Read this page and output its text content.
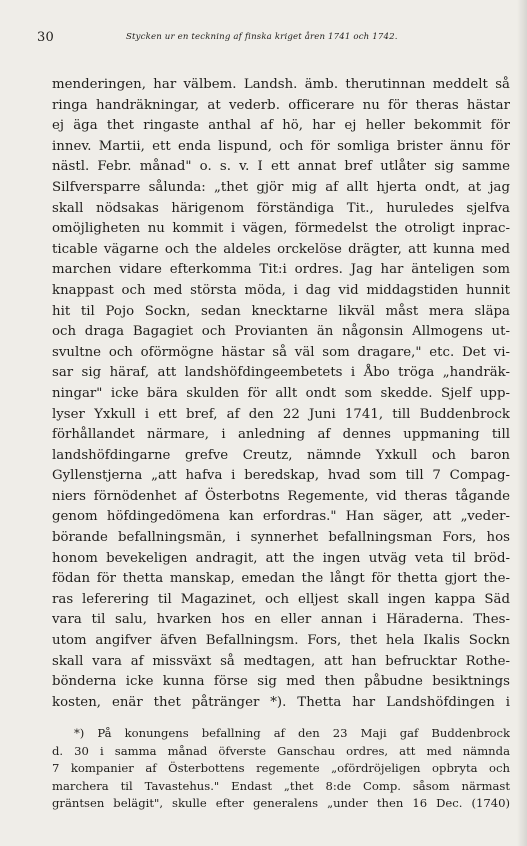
30	Stycken ur en teckning af finska kriget åren 1741 och 1742.
menderingen, har välbem. Landsh. ämb. therutinnan meddelt så
ringa handräkningar, at vederb. officerare nu för theras hästar
ej äga thet ringaste anthal af hö, har ej heller bekommit för
innev. Martii, ett enda lispund, och för somliga brister ännu för
nästl. Febr. månad" o. s. v. I ett annat bref utlåter sig samme
Silfversparre sålunda: „thet gjör mig af allt hjerta ondt, at jag
skall nödsakas härigenom förständiga Tit., huruledes sjelfva
omöjligheten nu kommit i vägen, förmedelst the otroligt inprac-
ticable vägarne och the aldeles orckelöse drägter, att kunna med
marchen vidare efterkomma Tit:i ordres. Jag har änteligen som
knappast och med största möda, i dag vid middagstiden hunnit
hit til Pojo Sockn, sedan knecktarne likväl måst mera släpa
och draga Bagagiet och Provianten än någonsin Allmogens ut-
svultne och oförmögne hästar så väl som dragare," etc. Det vi-
sar sig häraf, att landshöfdingeembetets i Åbo tröga „handräk-
ningar" icke bära skulden för allt ondt som skedde. Sjelf upp-
lyser Yxkull i ett bref, af den 22 Juni 1741, till Buddenbrock
förhållandet närmare, i anledning af dennes uppmaning till
landshöfdingarne grefve Creutz, nämnde Yxkull och baron
Gyllenstjerna „att hafva i beredskap, hvad som till 7 Compag-
niers förnödenhet af Österbotns Regemente, vid theras tågande
genom höfdingedömena kan erfordras." Han säger, att „veder-
börande befallningsmän, i synnerhet befallningsman Fors, hos
honom bevekeligen andragit, att the ingen utväg veta til bröd-
födan för thetta manskap, emedan the långt för thetta gjort the-
ras leferering til Magazinet, och elljest skall ingen kappa Säd
vara til salu, hvarken hos en eller annan i Häraderna. Thes-
utom angifver äfven Befallningsm. Fors, thet hela Ikalis Sockn
skall vara af missväxt så medtagen, att han befrucktar Rothe-
bönderna icke kunna förse sig med then påbudne besiktnings
kosten, enär thet påtränger *). Thetta har Landshöfdingen i
*) På konungens befallning af den 23 Maji gaf Buddenbrock
d. 30 i samma månad öfverste Ganschau ordres, att med nämnda
7 kompanier af Österbottens regemente „ofördröjeligen opbryta och
marchera til Tavastehus." Endast „thet 8:de Comp. såsom närmast
gräntsen belägit", skulle efter generalens „under then 16 Dec. (1740)
